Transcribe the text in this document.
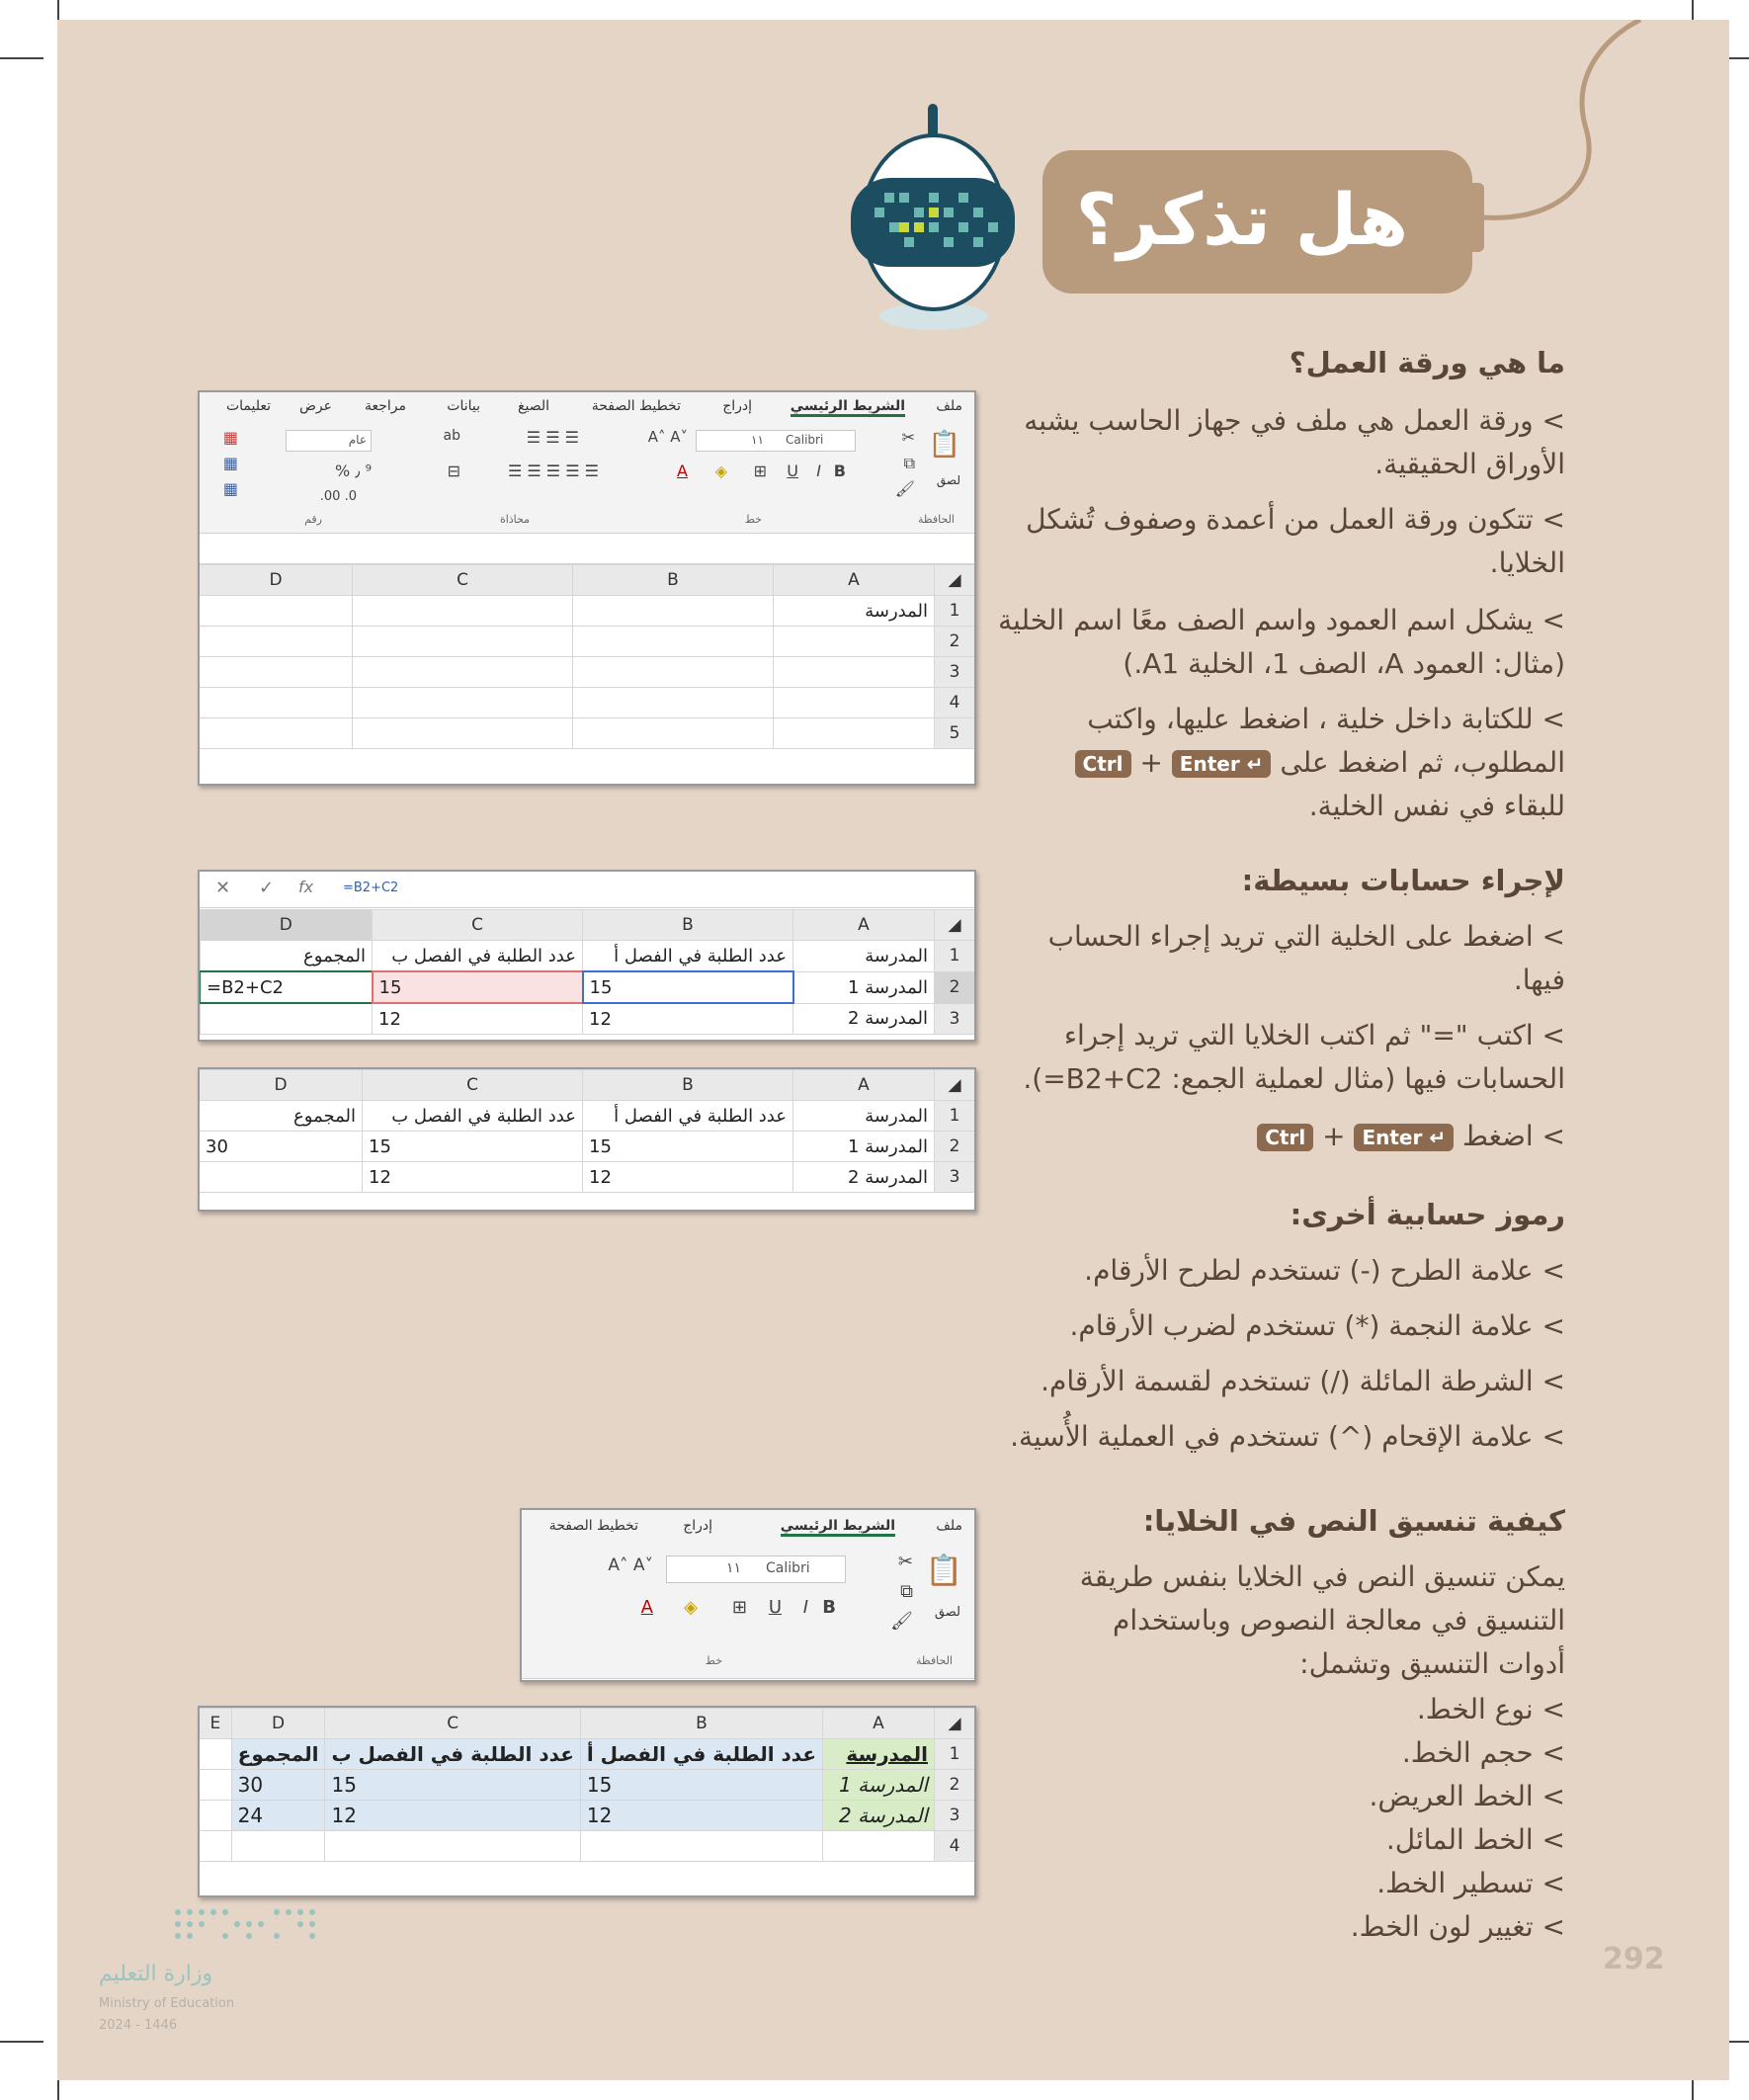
هل تذكر؟
ما هي ورقة العمل؟
> ورقة العمل هي ملف في جهاز الحاسب يشبه
الأوراق الحقيقية.
> تتكون ورقة العمل من أعمدة وصفوف تُشكل
الخلايا.
> يشكل اسم العمود واسم الصف معًا اسم الخلية
(مثال: العمود A، الصف 1، الخلية A1.)
> للكتابة داخل خلية ، اضغط عليها، واكتب
المطلوب، ثم اضغط على Enter ↵ + Ctrl
للبقاء في نفس الخلية.
لإجراء حسابات بسيطة:
> اضغط على الخلية التي تريد إجراء الحساب
فيها.
> اكتب "=" ثم اكتب الخلايا التي تريد إجراء
الحسابات فيها (مثال لعملية الجمع: B2+C2=).
> اضغط Enter ↵ + Ctrl
رموز حسابية أخرى:
> علامة الطرح (-) تستخدم لطرح الأرقام.
> علامة النجمة (*) تستخدم لضرب الأرقام.
> الشرطة المائلة (/) تستخدم لقسمة الأرقام.
> علامة الإقحام (^) تستخدم في العملية الأُسية.
كيفية تنسيق النص في الخلايا:
يمكن تنسيق النص في الخلايا بنفس طريقة
التنسيق في معالجة النصوص وباستخدام
أدوات التنسيق وتشمل:
> نوع الخط.
> حجم الخط.
> الخط العريض.
> الخط المائل.
> تسطير الخط.
> تغيير لون الخط.
ملف
الشريط الرئيسي
إدراج
تخطيط الصفحة
الصيغ
بيانات
مراجعة
عرض
تعليمات
📋
لصق
✂
⧉
🖌
١١ Calibri
A˄ A˅
B
I
U
⊞
◈
A
☰ ☰ ☰
☰ ☰ ☰ ☰ ☰
ab
⊟
عام
% ٫ ⁹
.00 .0
▦
▦
▦
الحافظة
خط
محاذاة
رقم
◢	A	B	C	D
1	المدرسة			
2				
3				
4				
5				
✕ ✓ fx =B2+C2
◢	A	B	C	D
1	المدرسة	عدد الطلبة في الفصل أ	عدد الطلبة في الفصل ب	المجموع
2	المدرسة 1	15	15	=B2+C2
3	المدرسة 2	12	12	
◢	A	B	C	D
1	المدرسة	عدد الطلبة في الفصل أ	عدد الطلبة في الفصل ب	المجموع
2	المدرسة 1	15	15	30
3	المدرسة 2	12	12	
ملف
الشريط الرئيسي
إدراج
تخطيط الصفحة
📋
لصق
✂
⧉
🖌
١١ Calibri
A˄ A˅
B
I
U
⊞
◈
A
الحافظة
خط
◢	A	B	C	D	E
1	المدرسة	عدد الطلبة في الفصل أ	عدد الطلبة في الفصل ب	المجموع	
2	المدرسة 1	15	15	30	
3	المدرسة 2	12	12	24	
4					
292
وزارة التعليم
Ministry of Education
2024 - 1446
